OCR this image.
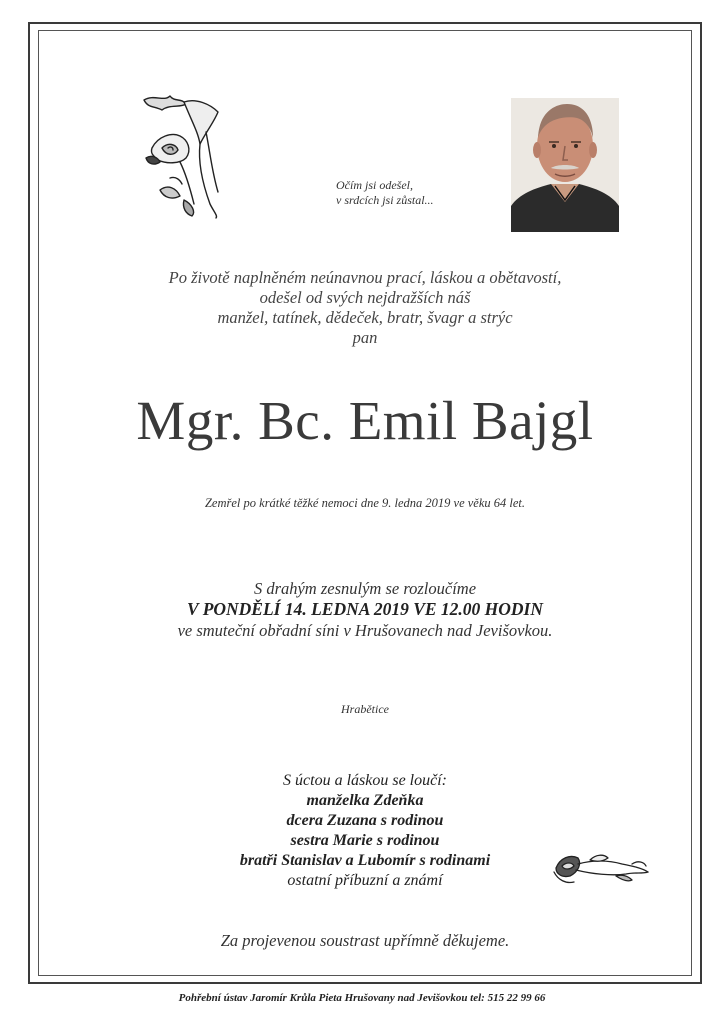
Očím jsi odešel,
v srdcích jsi zůstal...
Po životě naplněném neúnavnou prací, láskou a obětavostí,
odešel od svých nejdražších náš
manžel, tatínek, dědeček, bratr, švagr a strýc
pan
Mgr. Bc. Emil Bajgl
Zemřel po krátké těžké nemoci dne 9. ledna 2019 ve věku 64 let.
S drahým zesnulým se rozloučíme
V PONDĚLÍ 14. LEDNA 2019 VE 12.00 HODIN
ve smuteční obřadní síni v Hrušovanech nad Jevišovkou.
Hrabětice
S úctou a láskou se loučí:
manželka Zdeňka
dcera Zuzana s rodinou
sestra Marie s rodinou
bratři Stanislav a Lubomír s rodinami
ostatní příbuzní a známí
Za projevenou soustrast upřímně děkujeme.
Pohřební ústav Jaromír Krůla Pieta Hrušovany nad Jevišovkou tel: 515 22 99 66
